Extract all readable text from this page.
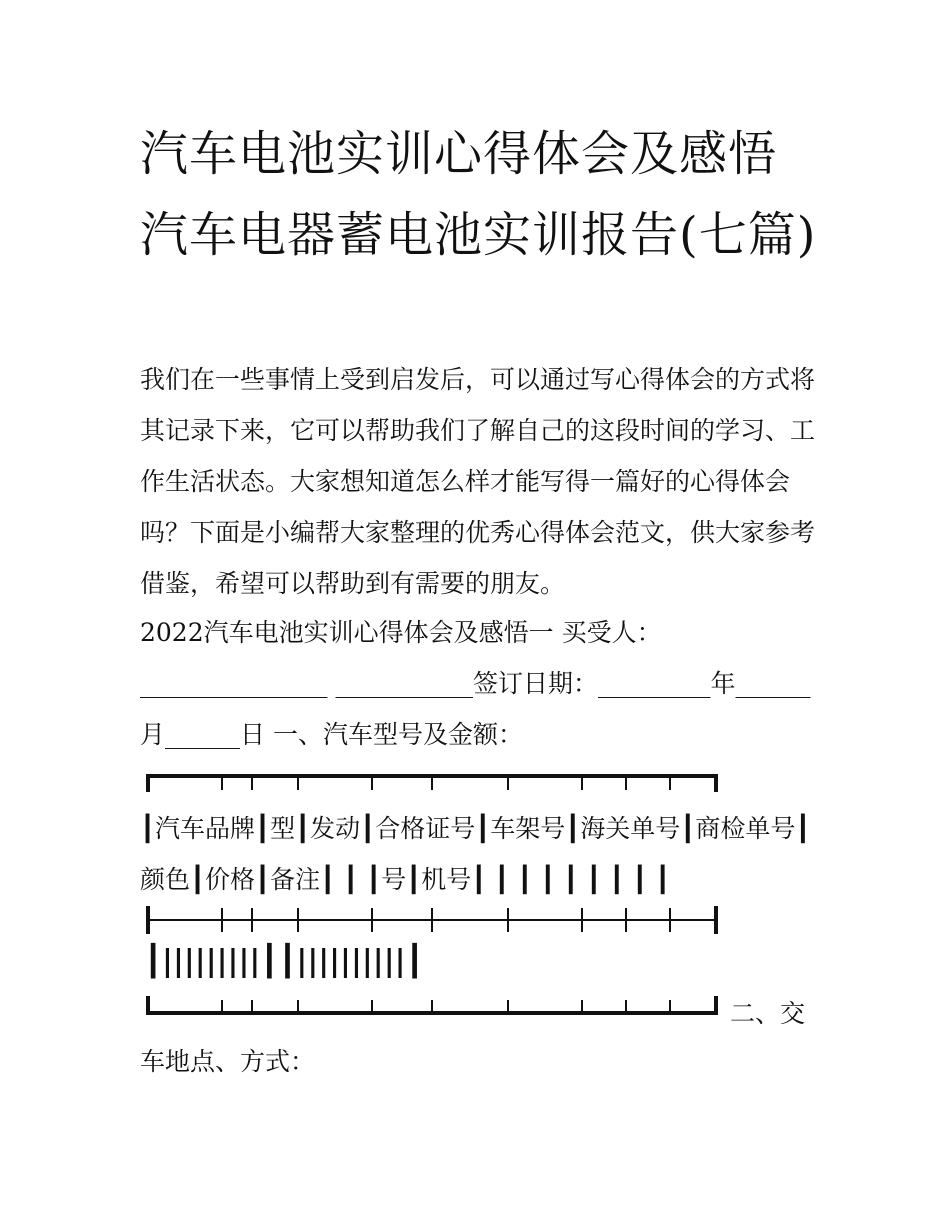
汽车电池实训心得体会及感悟汽车电器蓄电池实训报告(七篇)

我们在一些事情上受到启发后，可以通过写心得体会的方式将其记录下来，它可以帮助我们了解自己的这段时间的学习、工作生活状态。大家想知道怎么样才能写得一篇好的心得体会吗？下面是小编帮大家整理的优秀心得体会范文，供大家参考借鉴，希望可以帮助到有需要的朋友。

2022汽车电池实训心得体会及感悟一 买受人：_______________ ___________签订日期：_________年______月______日 一、汽车型号及金额：

┃汽车品牌┃型┃发动┃合格证号┃车架号┃海关单号┃商检单号┃颜色┃价格┃备注┃ ┃ ┃号┃机号┃ ┃ ┃ ┃ ┃ ┃ ┃ ┃ ┃

┃|||||||||┃┃||||||||||┃
二、交
车地点、方式：
